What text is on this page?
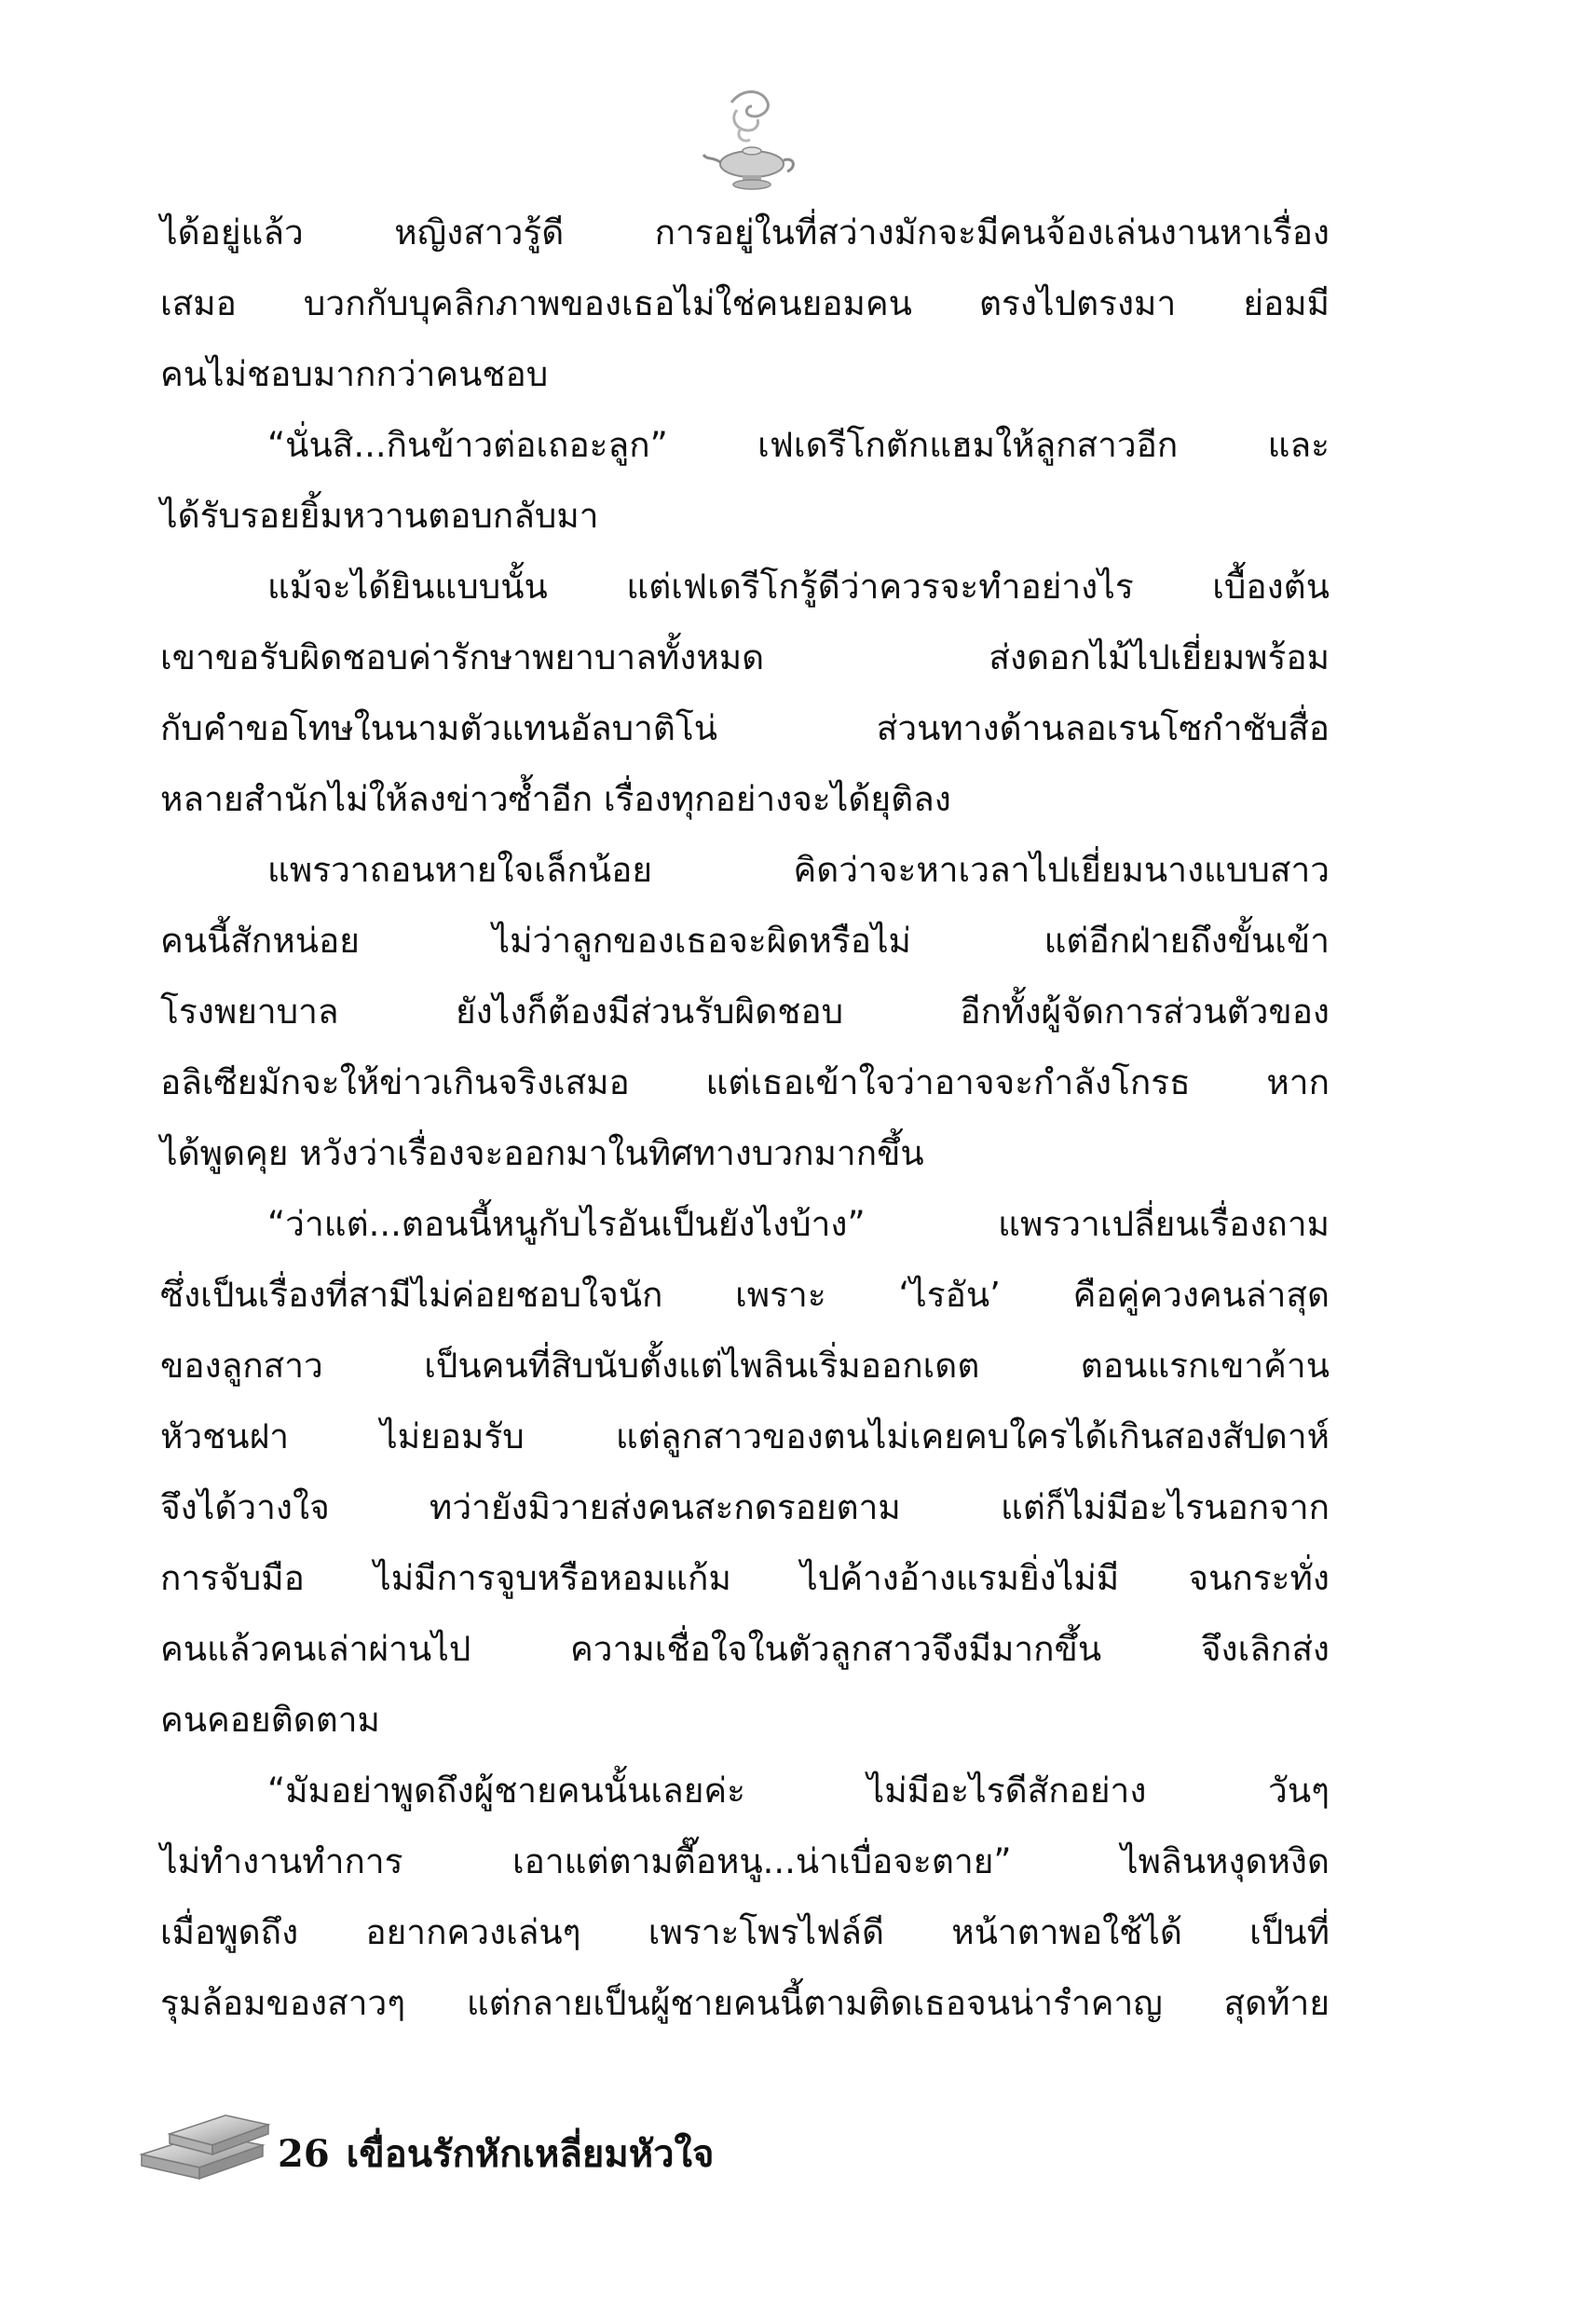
ได้อยู่แล้ว หญิงสาวรู้ดี การอยู่ในที่สว่างมักจะมีคนจ้องเล่นงานหาเรื่อง
เสมอ บวกกับบุคลิกภาพของเธอไม่ใช่คนยอมคน ตรงไปตรงมา ย่อมมี
คนไม่ชอบมากกว่าคนชอบ
“นั่นสิ...กินข้าวต่อเถอะลูก” เฟเดรีโกตักแฮมให้ลูกสาวอีก และ
ได้รับรอยยิ้มหวานตอบกลับมา
แม้จะได้ยินแบบนั้น แต่เฟเดรีโกรู้ดีว่าควรจะทำอย่างไร เบื้องต้น
เขาขอรับผิดชอบค่ารักษาพยาบาลทั้งหมด ส่งดอกไม้ไปเยี่ยมพร้อม
กับคำขอโทษในนามตัวแทนอัลบาติโน่ ส่วนทางด้านลอเรนโซกำชับสื่อ
หลายสำนักไม่ให้ลงข่าวซ้ำอีก เรื่องทุกอย่างจะได้ยุติลง
แพรวาถอนหายใจเล็กน้อย คิดว่าจะหาเวลาไปเยี่ยมนางแบบสาว
คนนี้สักหน่อย ไม่ว่าลูกของเธอจะผิดหรือไม่ แต่อีกฝ่ายถึงขั้นเข้า
โรงพยาบาล ยังไงก็ต้องมีส่วนรับผิดชอบ อีกทั้งผู้จัดการส่วนตัวของ
อลิเซียมักจะให้ข่าวเกินจริงเสมอ แต่เธอเข้าใจว่าอาจจะกำลังโกรธ หาก
ได้พูดคุย หวังว่าเรื่องจะออกมาในทิศทางบวกมากขึ้น
“ว่าแต่...ตอนนี้หนูกับไรอันเป็นยังไงบ้าง” แพรวาเปลี่ยนเรื่องถาม
ซึ่งเป็นเรื่องที่สามีไม่ค่อยชอบใจนัก เพราะ ‘ไรอัน’ คือคู่ควงคนล่าสุด
ของลูกสาว เป็นคนที่สิบนับตั้งแต่ไพลินเริ่มออกเดต ตอนแรกเขาค้าน
หัวชนฝา ไม่ยอมรับ แต่ลูกสาวของตนไม่เคยคบใครได้เกินสองสัปดาห์
จึงได้วางใจ ทว่ายังมิวายส่งคนสะกดรอยตาม แต่ก็ไม่มีอะไรนอกจาก
การจับมือ ไม่มีการจูบหรือหอมแก้ม ไปค้างอ้างแรมยิ่งไม่มี จนกระทั่ง
คนแล้วคนเล่าผ่านไป ความเชื่อใจในตัวลูกสาวจึงมีมากขึ้น จึงเลิกส่ง
คนคอยติดตาม
“มัมอย่าพูดถึงผู้ชายคนนั้นเลยค่ะ ไม่มีอะไรดีสักอย่าง วันๆ
ไม่ทำงานทำการ เอาแต่ตามตื๊อหนู...น่าเบื่อจะตาย” ไพลินหงุดหงิด
เมื่อพูดถึง อยากควงเล่นๆ เพราะโพรไฟล์ดี หน้าตาพอใช้ได้ เป็นที่
รุมล้อมของสาวๆ แต่กลายเป็นผู้ชายคนนี้ตามติดเธอจนน่ารำคาญ สุดท้าย
26 เขื่อนรักหักเหลี่ยมหัวใจ
